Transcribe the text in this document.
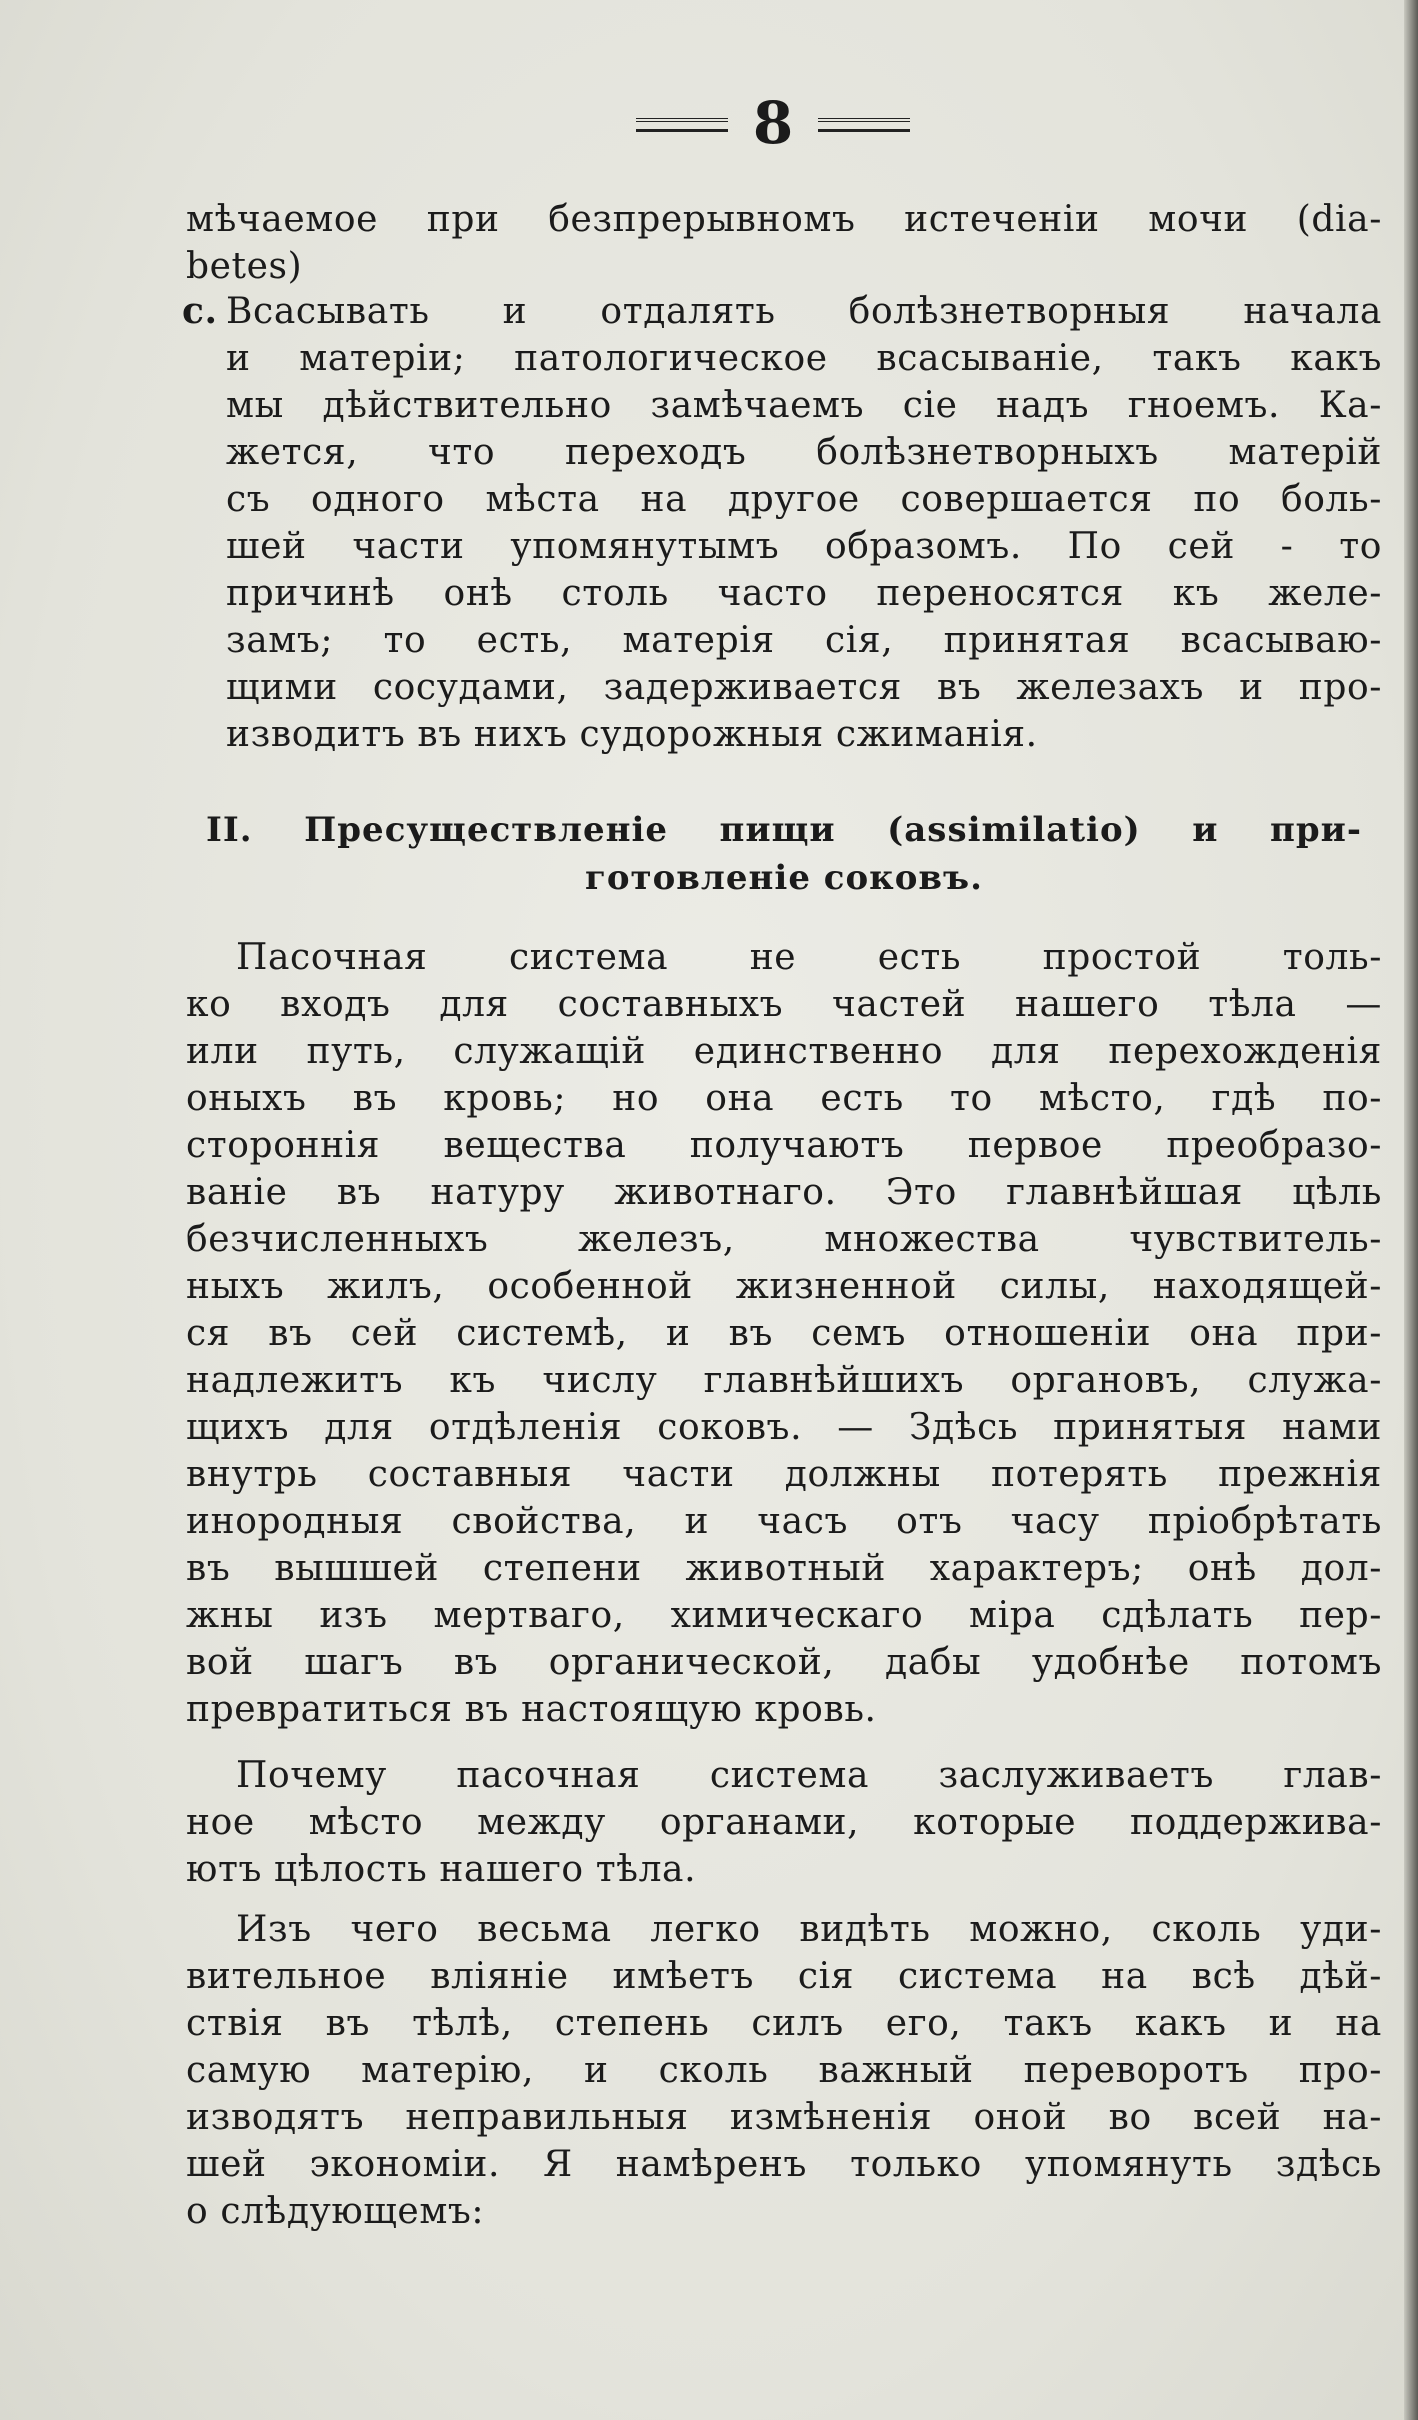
8
мѣчаемое при безпрерывномъ истеченіи мочи (dia-
betes)
c. Всасывать и отдалять болѣзнетворныя начала
и матеріи; патологическое всасываніе, такъ какъ
мы дѣйствительно замѣчаемъ сіе надъ гноемъ. Ка-
жется, что переходъ болѣзнетворныхъ матерій
съ одного мѣста на другое совершается по боль-
шей части упомянутымъ образомъ. По сей - то
причинѣ онѣ столь часто переносятся къ желе-
замъ; то есть, матерія сія, принятая всасываю-
щими сосудами, задерживается въ железахъ и про-
изводитъ въ нихъ судорожныя сжиманія.
II. Пресуществленіе пищи (assimilatio) и при-
готовленіе соковъ.
Пасочная система не есть простой толь-
ко входъ для составныхъ частей нашего тѣла —
или путь, служащій единственно для перехожденія
оныхъ въ кровь; но она есть то мѣсто, гдѣ по-
стороннія вещества получаютъ первое преобразо-
ваніе въ натуру животнаго. Это главнѣйшая цѣль
безчисленныхъ железъ, множества чувствитель-
ныхъ жилъ, особенной жизненной силы, находящей-
ся въ сей системѣ, и въ семъ отношеніи она при-
надлежитъ къ числу главнѣйшихъ органовъ, служа-
щихъ для отдѣленія соковъ. — Здѣсь принятыя нами
внутрь составныя части должны потерять прежнія
инородныя свойства, и часъ отъ часу пріобрѣтать
въ вышшей степени животный характеръ; онѣ дол-
жны изъ мертваго, химическаго міра сдѣлать пер-
вой шагъ въ органической, дабы удобнѣе потомъ
превратиться въ настоящую кровь.
Почему пасочная система заслуживаетъ глав-
ное мѣсто между органами, которые поддержива-
ютъ цѣлость нашего тѣла.
Изъ чего весьма легко видѣть можно, сколь уди-
вительное вліяніе имѣетъ сія система на всѣ дѣй-
ствія въ тѣлѣ, степень силъ его, такъ какъ и на
самую матерію, и сколь важный переворотъ про-
изводятъ неправильныя измѣненія оной во всей на-
шей экономіи. Я намѣренъ только упомянуть здѣсь
о слѣдующемъ:
